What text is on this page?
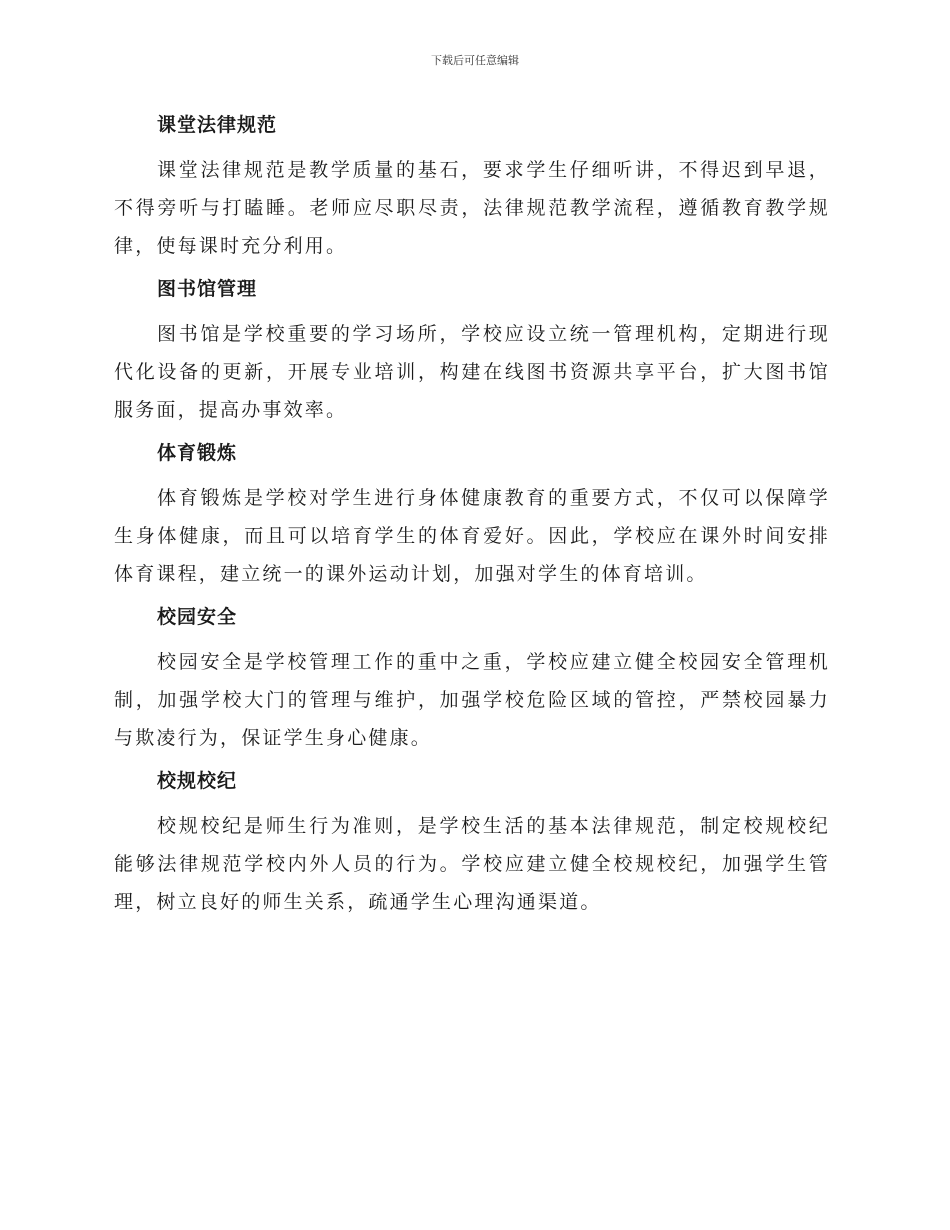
下载后可任意编辑
课堂法律规范

课堂法律规范是教学质量的基石，要求学生仔细听讲，不得迟到早退，不得旁听与打瞌睡。老师应尽职尽责，法律规范教学流程，遵循教育教学规律，使每课时充分利用。

图书馆管理

图书馆是学校重要的学习场所，学校应设立统一管理机构，定期进行现代化设备的更新，开展专业培训，构建在线图书资源共享平台，扩大图书馆服务面，提高办事效率。

体育锻炼

体育锻炼是学校对学生进行身体健康教育的重要方式，不仅可以保障学生身体健康，而且可以培育学生的体育爱好。因此，学校应在课外时间安排体育课程，建立统一的课外运动计划，加强对学生的体育培训。

校园安全

校园安全是学校管理工作的重中之重，学校应建立健全校园安全管理机制，加强学校大门的管理与维护，加强学校危险区域的管控，严禁校园暴力与欺凌行为，保证学生身心健康。

校规校纪

校规校纪是师生行为准则，是学校生活的基本法律规范，制定校规校纪能够法律规范学校内外人员的行为。学校应建立健全校规校纪，加强学生管理，树立良好的师生关系，疏通学生心理沟通渠道。
